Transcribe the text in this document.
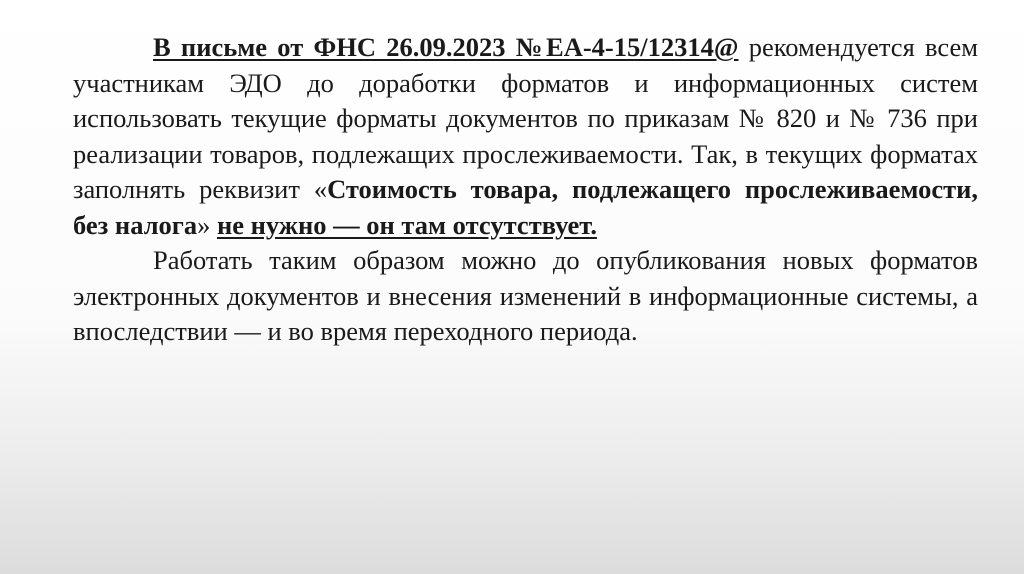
В письме от ФНС 26.09.2023 №ЕА-4-15/12314@ рекомендуется всем участникам ЭДО до доработки форматов и информационных систем использовать текущие форматы документов по приказам № 820 и № 736 при реализации товаров, подлежащих прослеживаемости. Так, в текущих форматах заполнять реквизит «Стоимость товара, подлежащего прослеживаемости, без налога» не нужно — он там отсутствует.

Работать таким образом можно до опубликования новых форматов электронных документов и внесения изменений в информационные системы, а впоследствии — и во время переходного периода.
